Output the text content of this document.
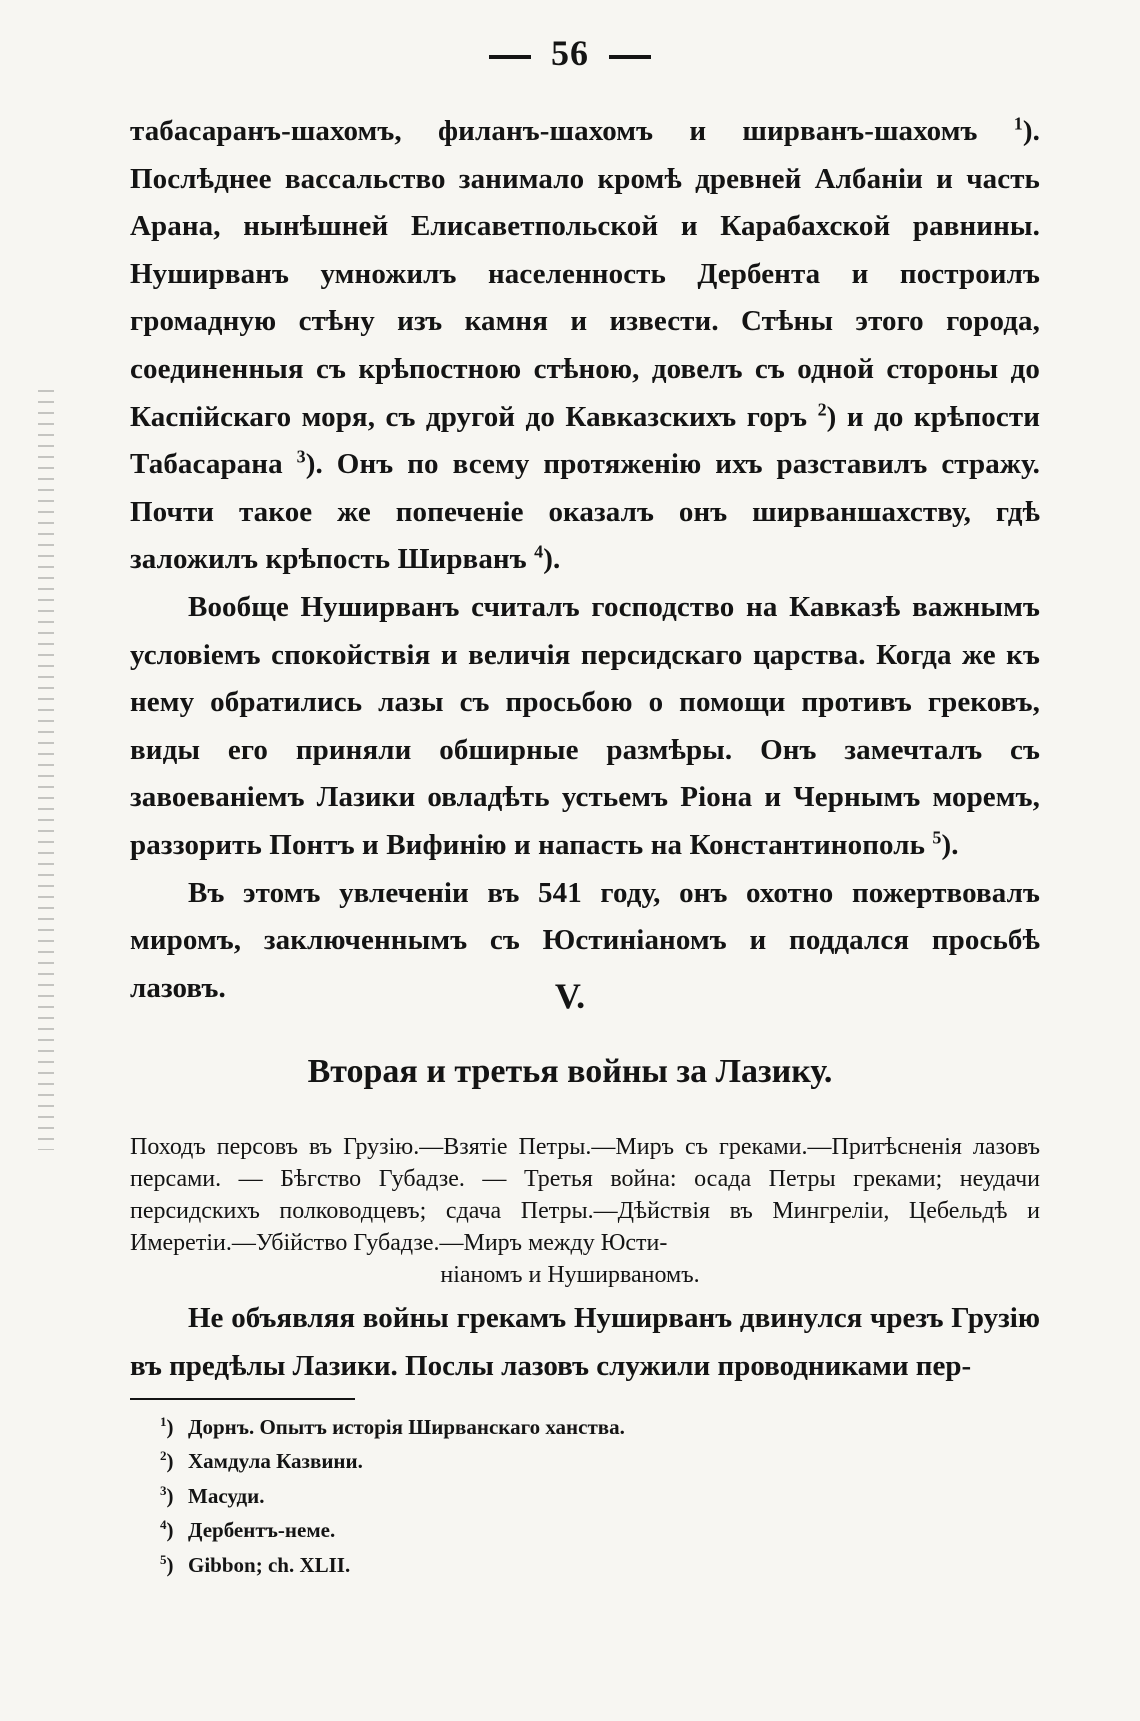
56

табасаранъ-шахомъ, филанъ-шахомъ и ширванъ-шахомъ $^1$). Послѣднее вассальство занимало кромѣ древней Албаніи и часть Арана, нынѣшней Елисаветпольской и Карабахской равнины. Нуширванъ умножилъ населенность Дербента и построилъ громадную стѣну изъ камня и извести. Стѣны этого города, соединенныя съ крѣпостною стѣною, довелъ съ одной стороны до Каспійскаго моря, съ другой до Кавказскихъ горъ $^2$) и до крѣпости Табасарана $^3$). Онъ по всему протяженію ихъ разставилъ стражу. Почти такое же попеченіе оказалъ онъ ширваншахству, гдѣ заложилъ крѣпость Ширванъ $^4$).

Вообще Нуширванъ считалъ господство на Кавказѣ важнымъ условіемъ спокойствія и величія персидскаго царства. Когда же къ нему обратились лазы съ просьбою о помощи противъ грековъ, виды его приняли обширные размѣры. Онъ замечталъ съ завоеваніемъ Лазики овладѣть устьемъ Ріона и Чернымъ моремъ, раззорить Понтъ и Вифинію и напасть на Константинополь $^5$).

Въ этомъ увлеченіи въ 541 году, онъ охотно пожертвовалъ миромъ, заключеннымъ съ Юстиніаномъ и поддался просьбѣ лазовъ.	V.
Вторая и третья войны за Лазику.
Походъ персовъ въ Грузію.—Взятіе Петры.—Миръ съ греками.—Притѣсненія лазовъ персами. — Бѣгство Губадзе. — Третья война: осада Петры греками; неудачи персидскихъ полководцевъ; сдача Петры.—Дѣйствія въ Мингреліи, Цебельдѣ и Имеретіи.—Убійство Губадзе.—Миръ между Юсти-
ніаномъ и Нуширваномъ.

Не объявляя войны грекамъ Нуширванъ двинулся чрезъ Грузію въ предѣлы Лазики. Послы лазовъ служили проводниками пер-

$^1$) Дорнъ. Опытъ исторія Ширванскаго ханства.
$^2$) Хамдула Казвини.
$^3$) Масуди.
$^4$) Дербентъ-неме.
$^5$) Gibbon; ch. XLII.
